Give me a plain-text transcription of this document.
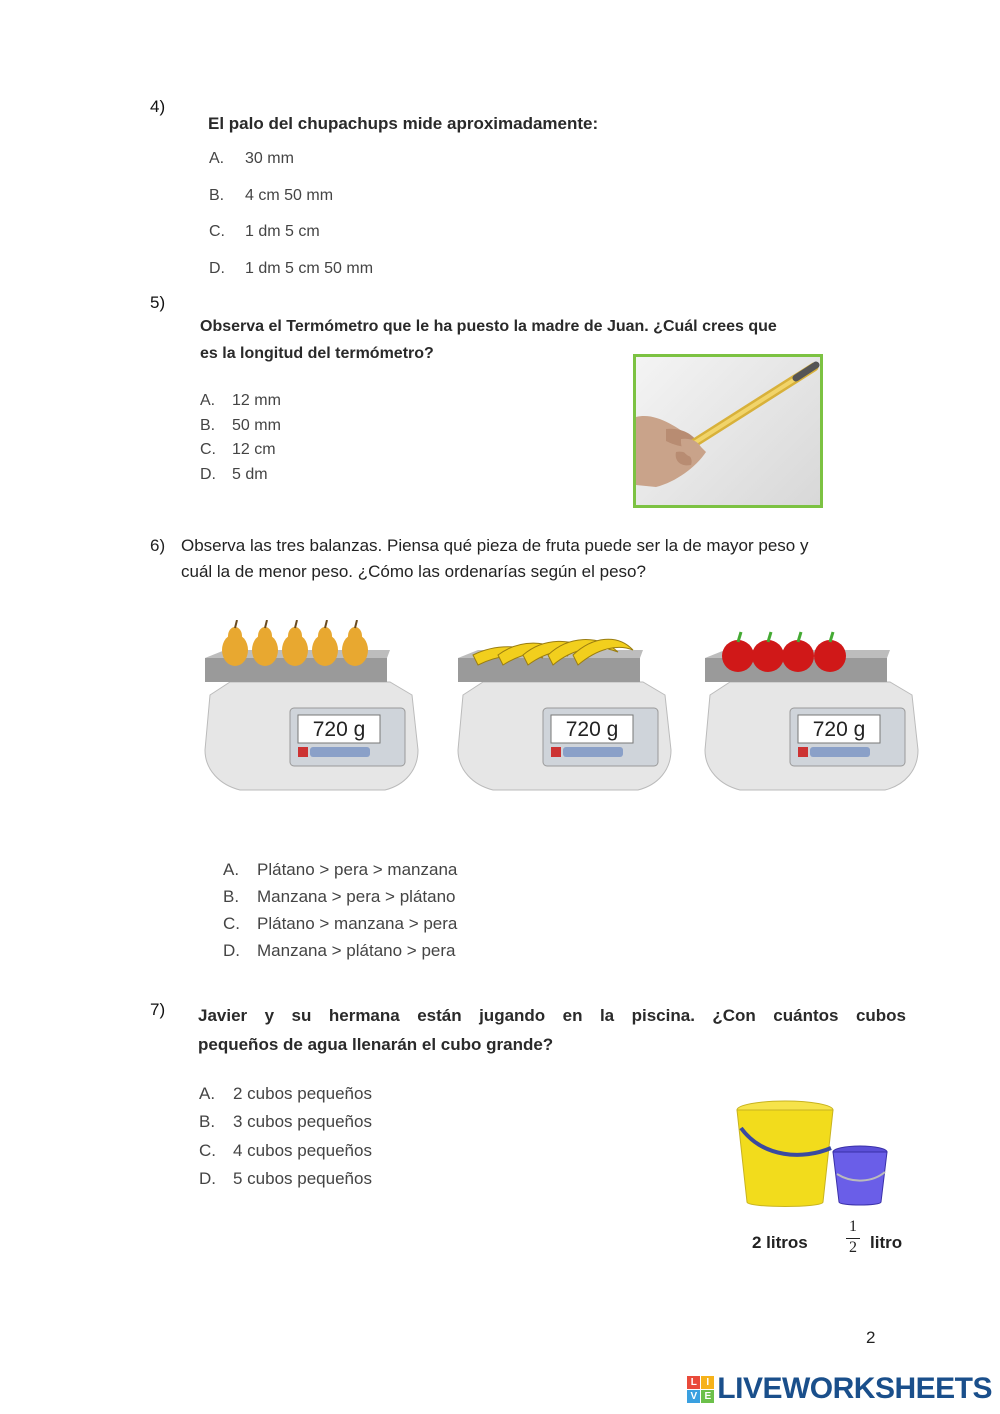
4)
El palo del chupachups mide aproximadamente:
A. 30 mm
B. 4 cm 50 mm
C. 1 dm 5 cm
D. 1 dm 5 cm 50 mm
5)
Observa el Termómetro que le ha puesto la madre de Juan. ¿Cuál crees que
es la longitud del termómetro?
A. 12 mm
B. 50 mm
C. 12 cm
D. 5 dm
6) Observa las tres balanzas. Piensa qué pieza de fruta puede ser la de mayor peso y
cuál la de menor peso. ¿Cómo las ordenarías según el peso?
720 g	720 g	720 g
A. Plátano > pera > manzana
B. Manzana > pera > plátano
C. Plátano > manzana > pera
D. Manzana > plátano > pera
7) Javier y su hermana están jugando en la piscina. ¿Con cuántos cubos
pequeños de agua llenarán el cubo grande?
A. 2 cubos pequeños
B. 3 cubos pequeños
C. 4 cubos pequeños
D. 5 cubos pequeños
2 litros
1
2 litro
2
L I
V E LIVEWORKSHEETS
